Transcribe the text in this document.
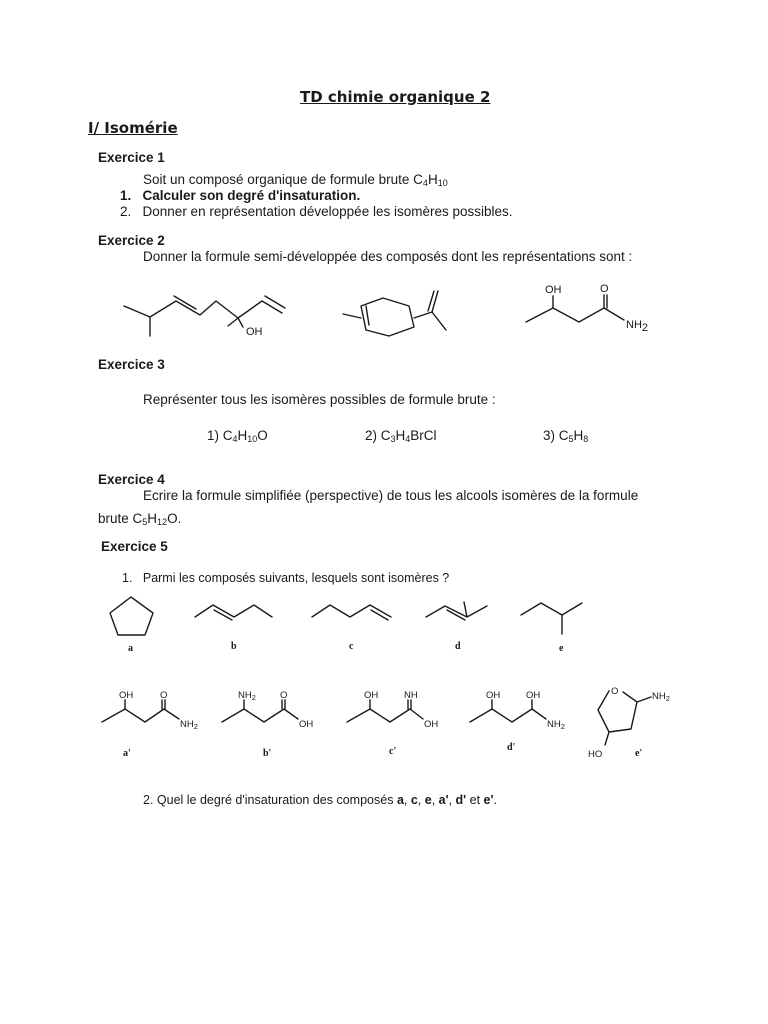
TD chimie organique 2
I/ Isomérie
Exercice 1
Soit un composé organique de formule brute $C_4H_{10}$
1. Calculer son degré d'insaturation.
2. Donner en représentation développée les isomères possibles.
Exercice 2
Donner la formule semi-développée des composés dont les représentations sont :
OH
OH	O
NH2
Exercice 3
Représenter tous les isomères possibles de formule brute :
1) $C_4H_{10}O$	2) $C_3H_4BrCl$	3) $C_5H_8$
Exercice 4
Ecrire la formule simplifiée (perspective) de tous les alcools isomères de la formule
brute $C_5H_{12}O$.
Exercice 5
1. Parmi les composés suivants, lesquels sont isomères ?
a	b	c	d	e
OH	O
$NH_2$
$NH_2$	O
OH
OH	NH
OH
OH	OH
$NH_2$
O	$NH_2$
HO
a'	b'	c'	d'
e'
2. Quel le degré d'insaturation des composés a, c, e, a', d' et e'.
